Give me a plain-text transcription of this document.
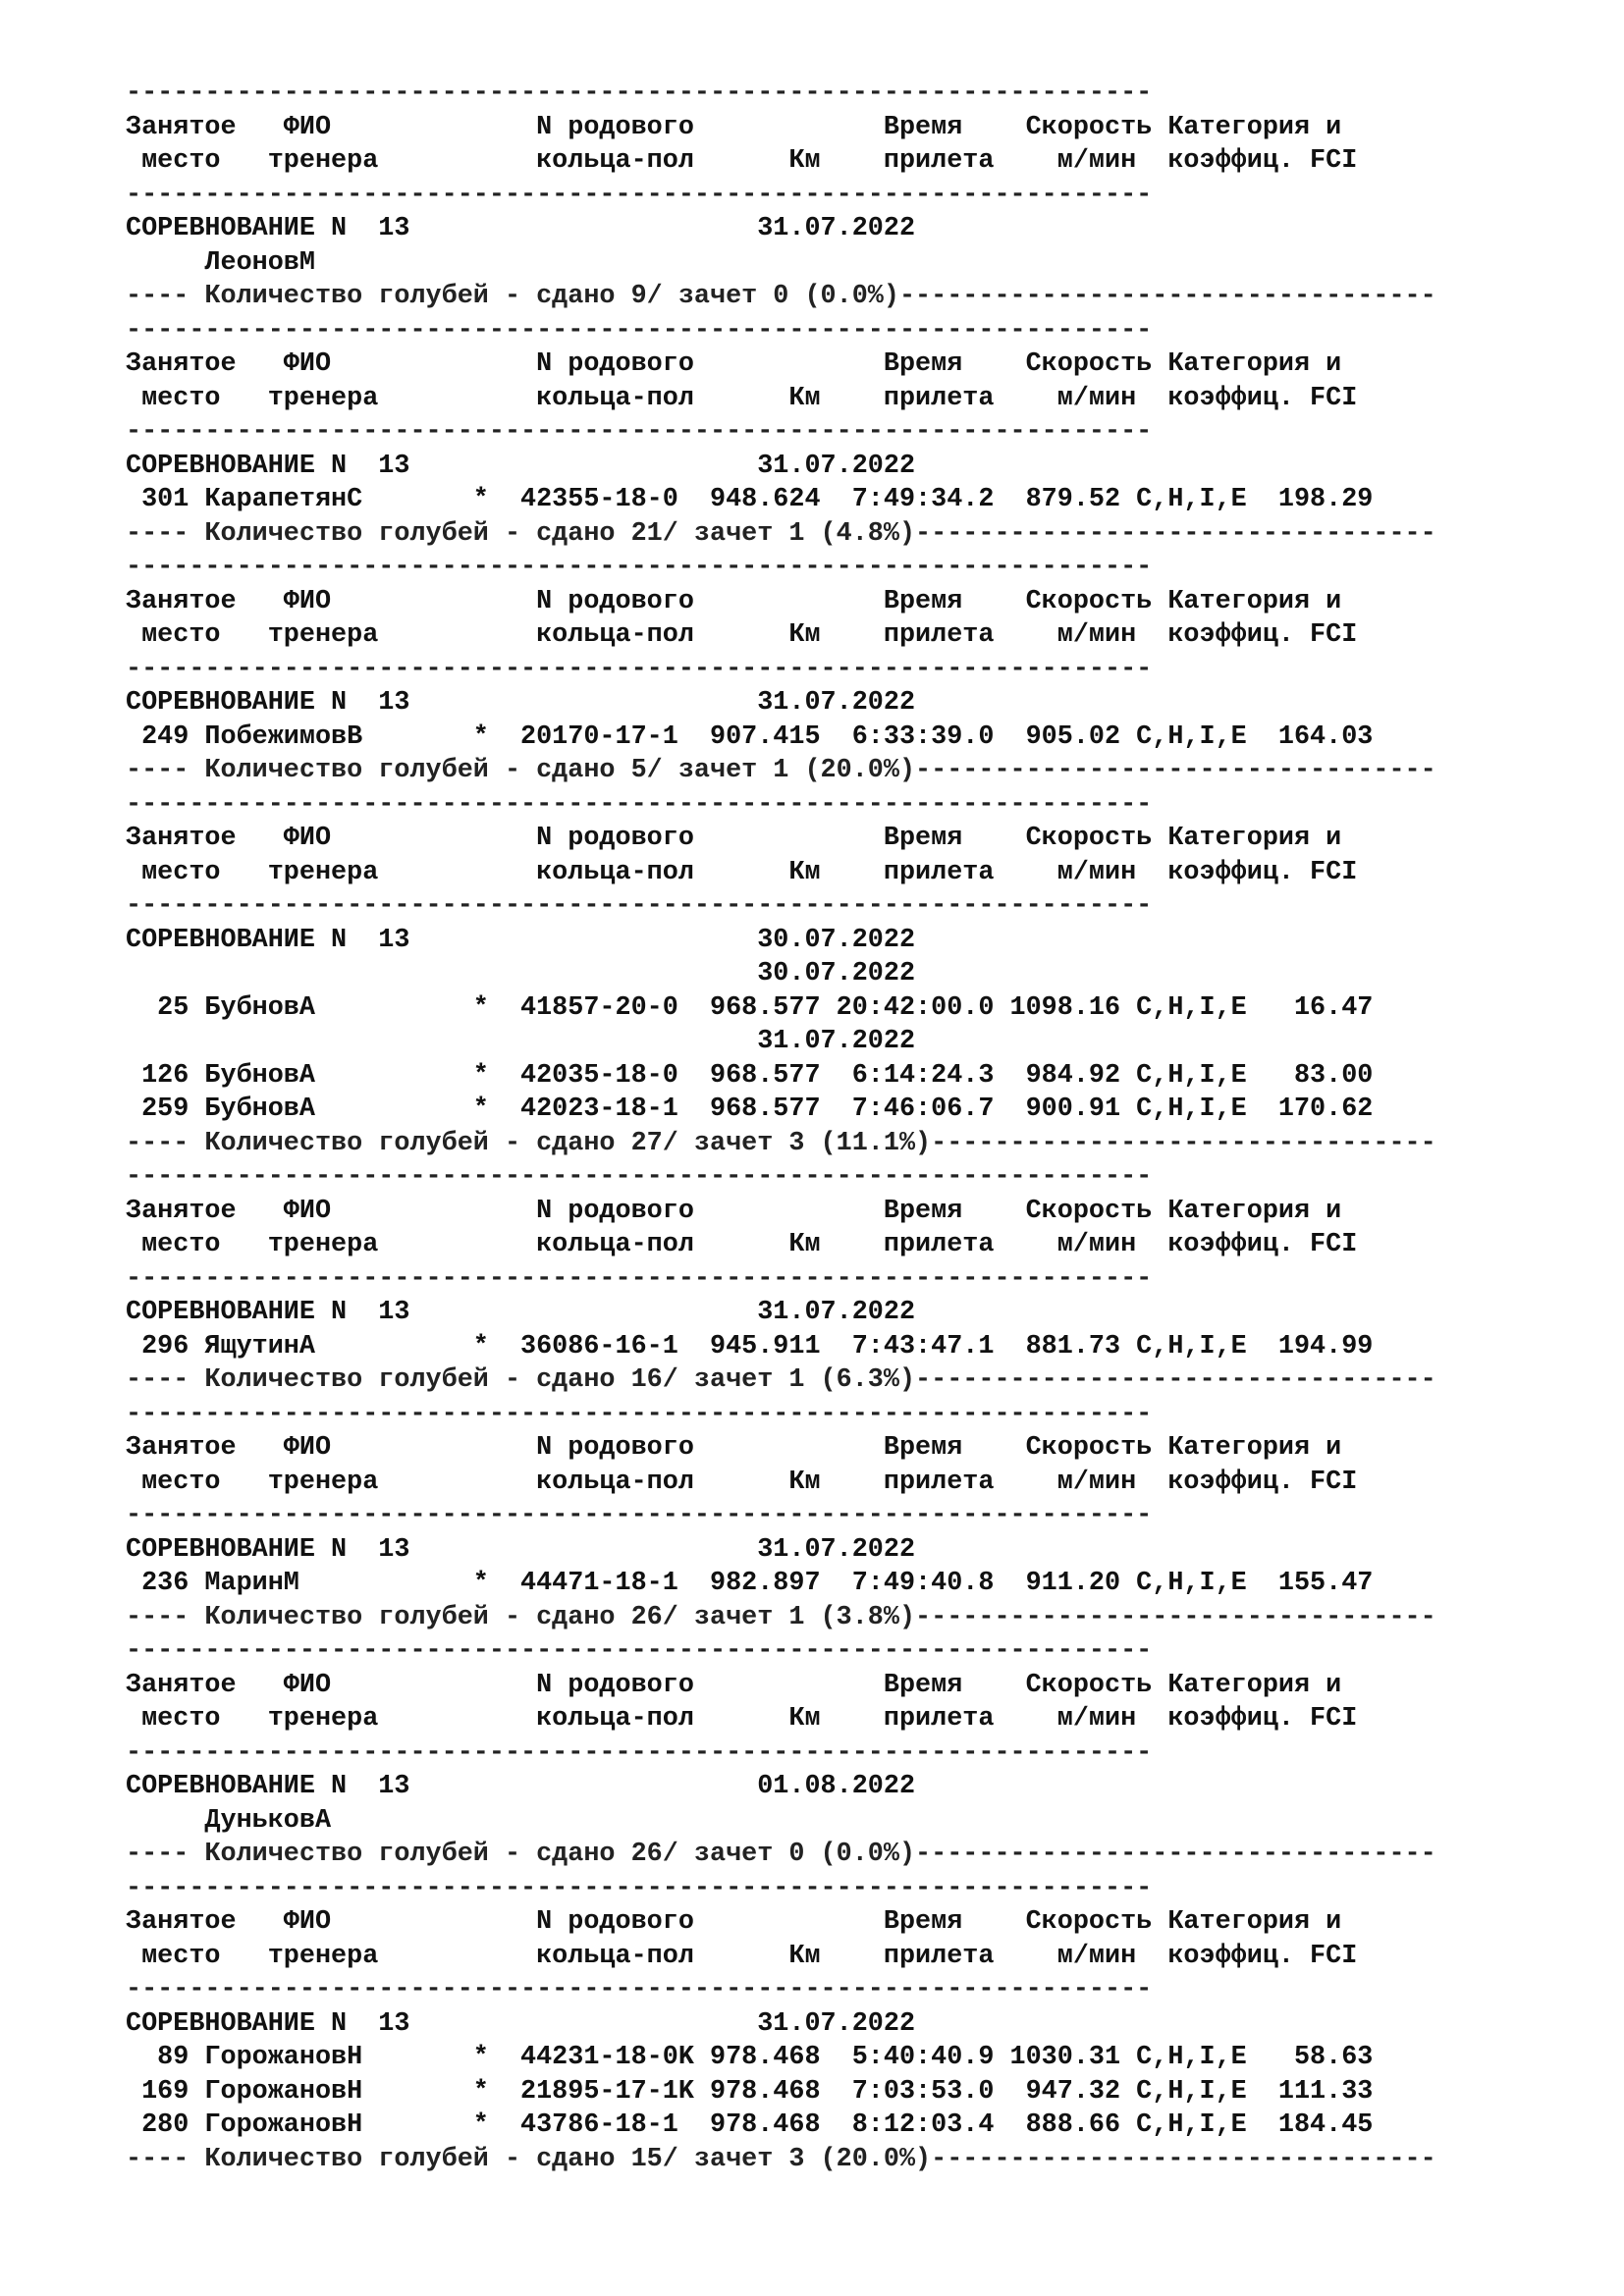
-----------------------------------------------------------------
Занятое   ФИО             N родового            Время    Скорость Категория и
место   тренера          кольца-пол      Км    прилета    м/мин  коэффиц. FCI
-----------------------------------------------------------------
СОРЕВНОВАНИЕ N  13                      31.07.2022
ЛеоновМ
---- Количество голубей - сдано 9/ зачет 0 (0.0%)----------------------------------
-----------------------------------------------------------------
Занятое   ФИО             N родового            Время    Скорость Категория и
место   тренера          кольца-пол      Км    прилета    м/мин  коэффиц. FCI
-----------------------------------------------------------------
СОРЕВНОВАНИЕ N  13                      31.07.2022
301 КарапетянС       *  42355-18-0  948.624  7:49:34.2  879.52 C,H,I,E  198.29
---- Количество голубей - сдано 21/ зачет 1 (4.8%)---------------------------------
-----------------------------------------------------------------
Занятое   ФИО             N родового            Время    Скорость Категория и
место   тренера          кольца-пол      Км    прилета    м/мин  коэффиц. FCI
-----------------------------------------------------------------
СОРЕВНОВАНИЕ N  13                      31.07.2022
249 ПобежимовВ       *  20170-17-1  907.415  6:33:39.0  905.02 C,H,I,E  164.03
---- Количество голубей - сдано 5/ зачет 1 (20.0%)---------------------------------
-----------------------------------------------------------------
Занятое   ФИО             N родового            Время    Скорость Категория и
место   тренера          кольца-пол      Км    прилета    м/мин  коэффиц. FCI
-----------------------------------------------------------------
СОРЕВНОВАНИЕ N  13                      30.07.2022
30.07.2022
25 БубновА          *  41857-20-0  968.577 20:42:00.0 1098.16 C,H,I,E   16.47
31.07.2022
126 БубновА          *  42035-18-0  968.577  6:14:24.3  984.92 C,H,I,E   83.00
259 БубновА          *  42023-18-1  968.577  7:46:06.7  900.91 C,H,I,E  170.62
---- Количество голубей - сдано 27/ зачет 3 (11.1%)--------------------------------
-----------------------------------------------------------------
Занятое   ФИО             N родового            Время    Скорость Категория и
место   тренера          кольца-пол      Км    прилета    м/мин  коэффиц. FCI
-----------------------------------------------------------------
СОРЕВНОВАНИЕ N  13                      31.07.2022
296 ЯщутинА          *  36086-16-1  945.911  7:43:47.1  881.73 C,H,I,E  194.99
---- Количество голубей - сдано 16/ зачет 1 (6.3%)---------------------------------
-----------------------------------------------------------------
Занятое   ФИО             N родового            Время    Скорость Категория и
место   тренера          кольца-пол      Км    прилета    м/мин  коэффиц. FCI
-----------------------------------------------------------------
СОРЕВНОВАНИЕ N  13                      31.07.2022
236 МаринМ           *  44471-18-1  982.897  7:49:40.8  911.20 C,H,I,E  155.47
---- Количество голубей - сдано 26/ зачет 1 (3.8%)---------------------------------
-----------------------------------------------------------------
Занятое   ФИО             N родового            Время    Скорость Категория и
место   тренера          кольца-пол      Км    прилета    м/мин  коэффиц. FCI
-----------------------------------------------------------------
СОРЕВНОВАНИЕ N  13                      01.08.2022
ДуньковА
---- Количество голубей - сдано 26/ зачет 0 (0.0%)---------------------------------
-----------------------------------------------------------------
Занятое   ФИО             N родового            Время    Скорость Категория и
место   тренера          кольца-пол      Км    прилета    м/мин  коэффиц. FCI
-----------------------------------------------------------------
СОРЕВНОВАНИЕ N  13                      31.07.2022
89 ГорожановН       *  44231-18-0K 978.468  5:40:40.9 1030.31 C,H,I,E   58.63
169 ГорожановН       *  21895-17-1K 978.468  7:03:53.0  947.32 C,H,I,E  111.33
280 ГорожановН       *  43786-18-1  978.468  8:12:03.4  888.66 C,H,I,E  184.45
---- Количество голубей - сдано 15/ зачет 3 (20.0%)--------------------------------
